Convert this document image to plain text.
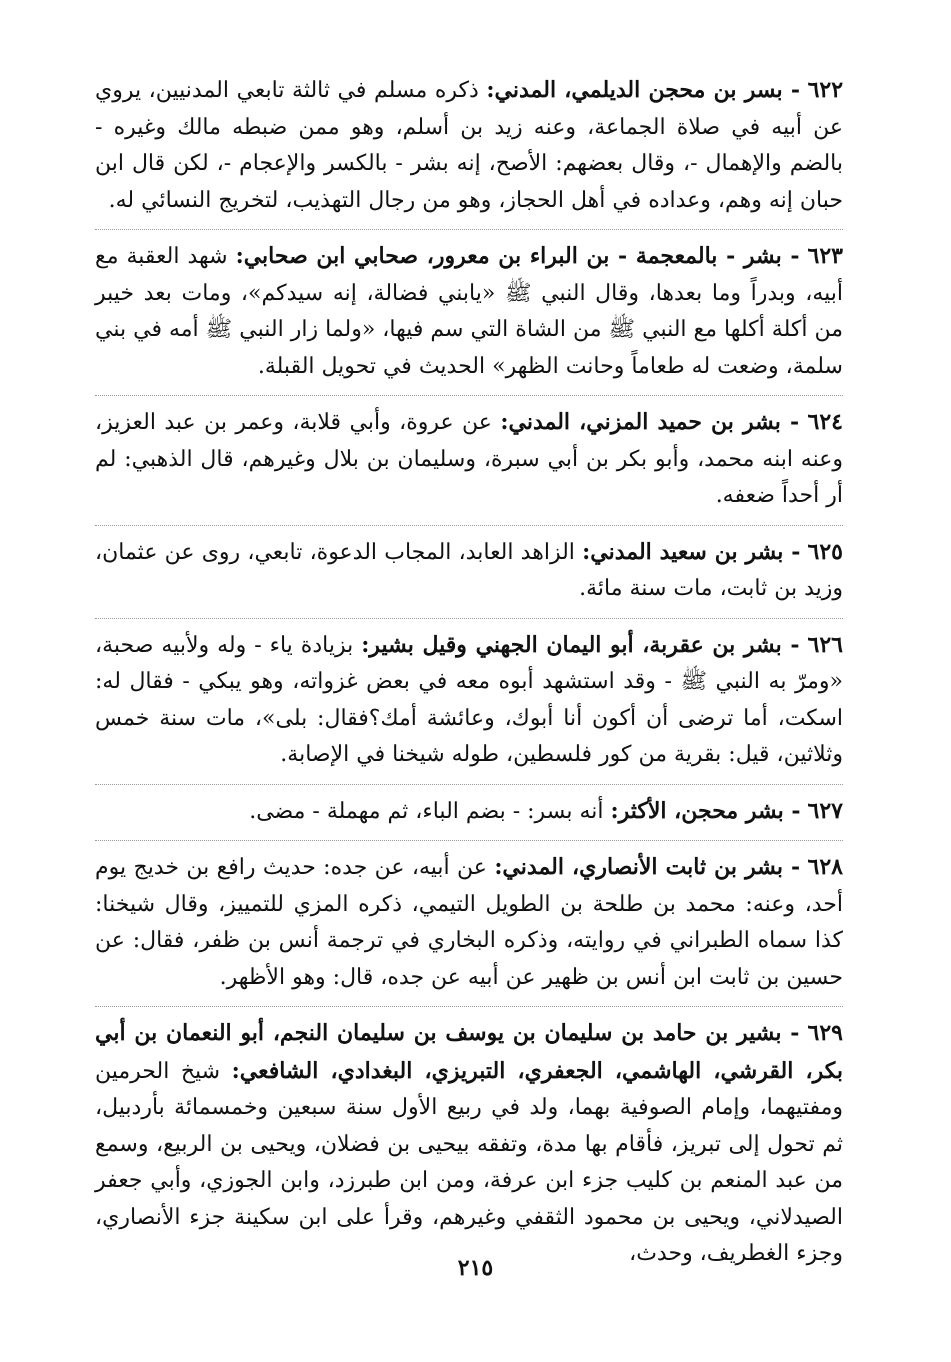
٦٢٢ - بسر بن محجن الديلمي، المدني: ذكره مسلم في ثالثة تابعي المدنيين، يروي عن أبيه في صلاة الجماعة، وعنه زيد بن أسلم، وهو ممن ضبطه مالك وغيره - بالضم والإهمال -، وقال بعضهم: الأصح، إنه بشر - بالكسر والإعجام -، لكن قال ابن حبان إنه وهم، وعداده في أهل الحجاز، وهو من رجال التهذيب، لتخريج النسائي له.

٦٢٣ - بشر - بالمعجمة - بن البراء بن معرور، صحابي ابن صحابي: شهد العقبة مع أبيه، وبدراً وما بعدها، وقال النبي ﷺ «يابني فضالة، إنه سيدكم»، ومات بعد خيبر من أكلة أكلها مع النبي ﷺ من الشاة التي سم فيها، «ولما زار النبي ﷺ أمه في بني سلمة، وضعت له طعاماً وحانت الظهر» الحديث في تحويل القبلة.

٦٢٤ - بشر بن حميد المزني، المدني: عن عروة، وأبي قلابة، وعمر بن عبد العزيز، وعنه ابنه محمد، وأبو بكر بن أبي سبرة، وسليمان بن بلال وغيرهم، قال الذهبي: لم أر أحداً ضعفه.

٦٢٥ - بشر بن سعيد المدني: الزاهد العابد، المجاب الدعوة، تابعي، روى عن عثمان، وزيد بن ثابت، مات سنة مائة.

٦٢٦ - بشر بن عقربة، أبو اليمان الجهني وقيل بشير: بزيادة ياء - وله ولأبيه صحبة، «ومرّ به النبي ﷺ - وقد استشهد أبوه معه في بعض غزواته، وهو يبكي - فقال له: اسكت، أما ترضى أن أكون أنا أبوك، وعائشة أمك؟فقال: بلى»، مات سنة خمس وثلاثين، قيل: بقرية من كور فلسطين، طوله شيخنا في الإصابة.

٦٢٧ - بشر محجن، الأكثر: أنه بسر: - بضم الباء، ثم مهملة - مضى.

٦٢٨ - بشر بن ثابت الأنصاري، المدني: عن أبيه، عن جده: حديث رافع بن خديج يوم أحد، وعنه: محمد بن طلحة بن الطويل التيمي، ذكره المزي للتمييز، وقال شيخنا: كذا سماه الطبراني في روايته، وذكره البخاري في ترجمة أنس بن ظفر، فقال: عن حسين بن ثابت ابن أنس بن ظهير عن أبيه عن جده، قال: وهو الأظهر.

٦٢٩ - بشير بن حامد بن سليمان بن يوسف بن سليمان النجم، أبو النعمان بن أبي بكر، القرشي، الهاشمي، الجعفري، التبريزي، البغدادي، الشافعي: شيخ الحرمين ومفتيهما، وإمام الصوفية بهما، ولد في ربيع الأول سنة سبعين وخمسمائة بأردبيل، ثم تحول إلى تبريز، فأقام بها مدة، وتفقه بيحيى بن فضلان، ويحيى بن الربيع، وسمع من عبد المنعم بن كليب جزء ابن عرفة، ومن ابن طبرزد، وابن الجوزي، وأبي جعفر الصيدلاني، ويحيى بن محمود الثقفي وغيرهم، وقرأ على ابن سكينة جزء الأنصاري، وجزء الغطريف، وحدث،

٢١٥
